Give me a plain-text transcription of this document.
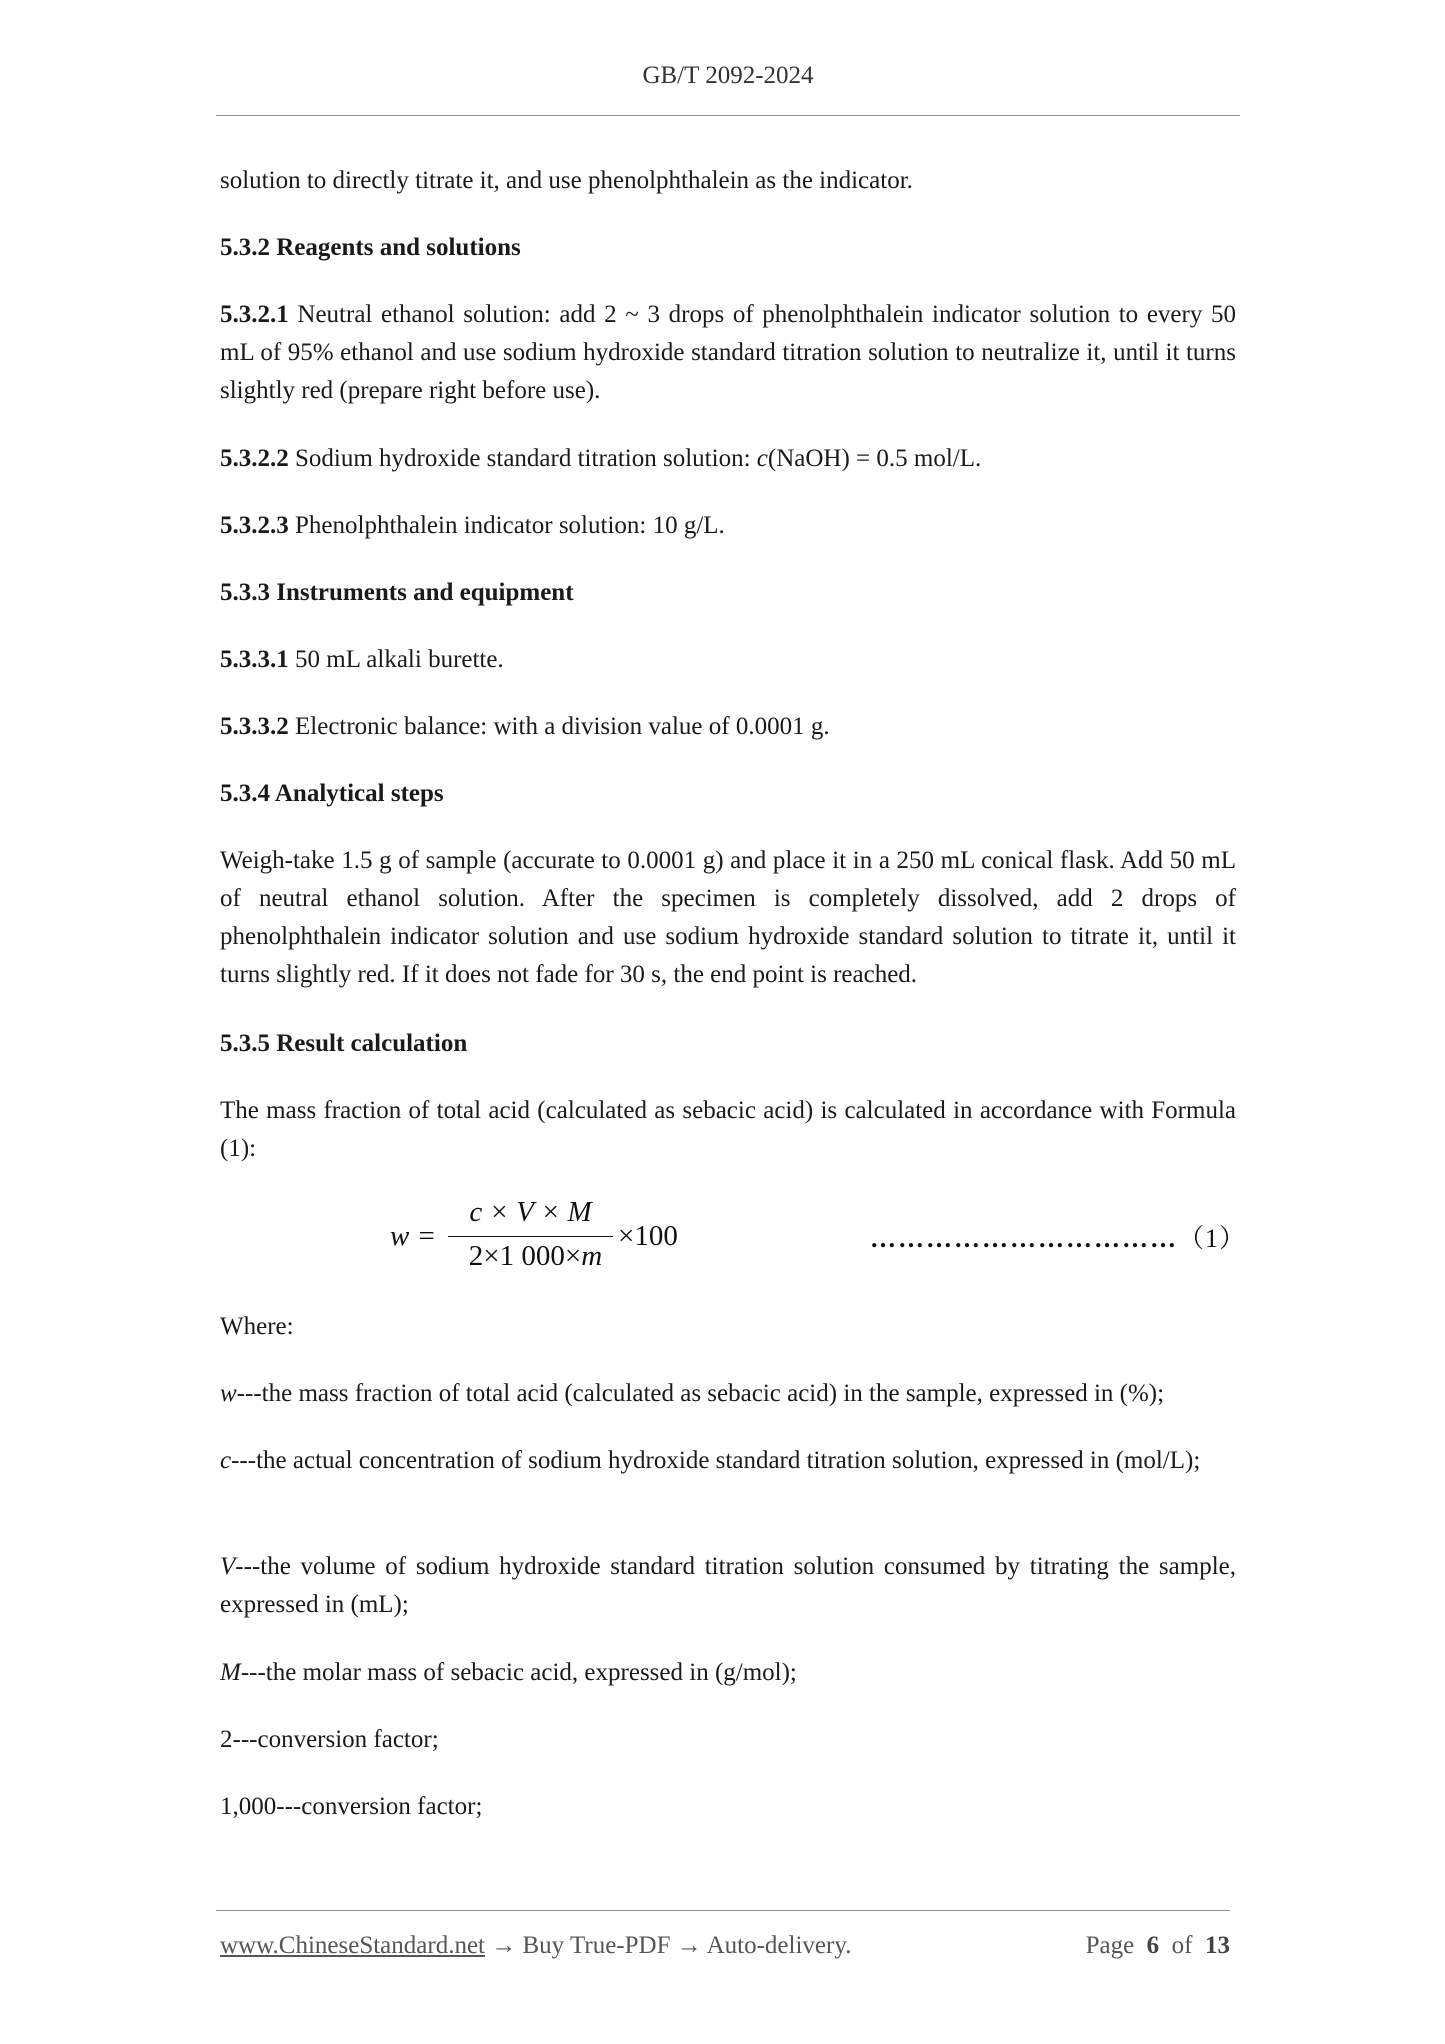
GB/T 2092-2024

solution to directly titrate it, and use phenolphthalein as the indicator.

5.3.2 Reagents and solutions

5.3.2.1 Neutral ethanol solution: add 2 ~ 3 drops of phenolphthalein indicator solution to every 50 mL of 95% ethanol and use sodium hydroxide standard titration solution to neutralize it, until it turns slightly red (prepare right before use).

5.3.2.2 Sodium hydroxide standard titration solution: c(NaOH) = 0.5 mol/L.

5.3.2.3 Phenolphthalein indicator solution: 10 g/L.

5.3.3 Instruments and equipment

5.3.3.1 50 mL alkali burette.

5.3.3.2 Electronic balance: with a division value of 0.0001 g.

5.3.4 Analytical steps

Weigh-take 1.5 g of sample (accurate to 0.0001 g) and place it in a 250 mL conical flask. Add 50 mL of neutral ethanol solution. After the specimen is completely dissolved, add 2 drops of phenolphthalein indicator solution and use sodium hydroxide standard solution to titrate it, until it turns slightly red. If it does not fade for 30 s, the end point is reached.

5.3.5 Result calculation

The mass fraction of total acid (calculated as sebacic acid) is calculated in accordance with Formula (1):

w =
c × V × M
2×1 000×m
×100	……………………………（1）

Where:

w---the mass fraction of total acid (calculated as sebacic acid) in the sample, expressed in (%);

c---the actual concentration of sodium hydroxide standard titration solution, expressed in (mol/L);

V---the volume of sodium hydroxide standard titration solution consumed by titrating the sample, expressed in (mL);

M---the molar mass of sebacic acid, expressed in (g/mol);

2---conversion factor;

1,000---conversion factor;

www.ChineseStandard.net → Buy True-PDF → Auto-delivery.	Page 6 of 13
